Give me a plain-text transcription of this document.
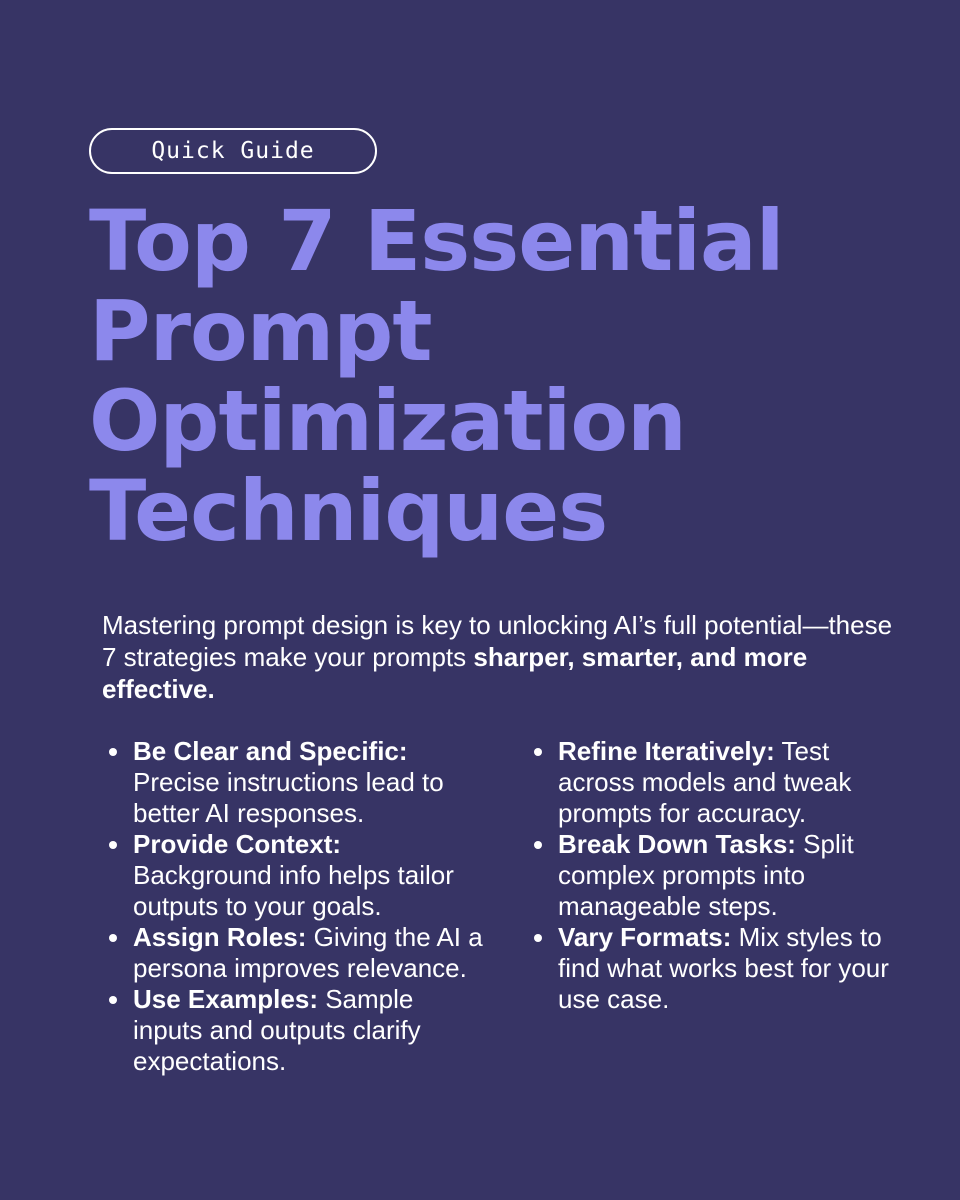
Quick Guide
Top 7 Essential
Prompt
Optimization
Techniques

Mastering prompt design is key to unlocking AI’s full potential—these 7 strategies make your prompts sharper, smarter, and more effective.

Be Clear and Specific: Precise instructions lead to better AI responses.
Provide Context: Background info helps tailor outputs to your goals.
Assign Roles: Giving the AI a persona improves relevance.
Use Examples: Sample inputs and outputs clarify expectations.
Refine Iteratively: Test across models and tweak prompts for accuracy.
Break Down Tasks: Split complex prompts into manageable steps.
Vary Formats: Mix styles to find what works best for your use case.
